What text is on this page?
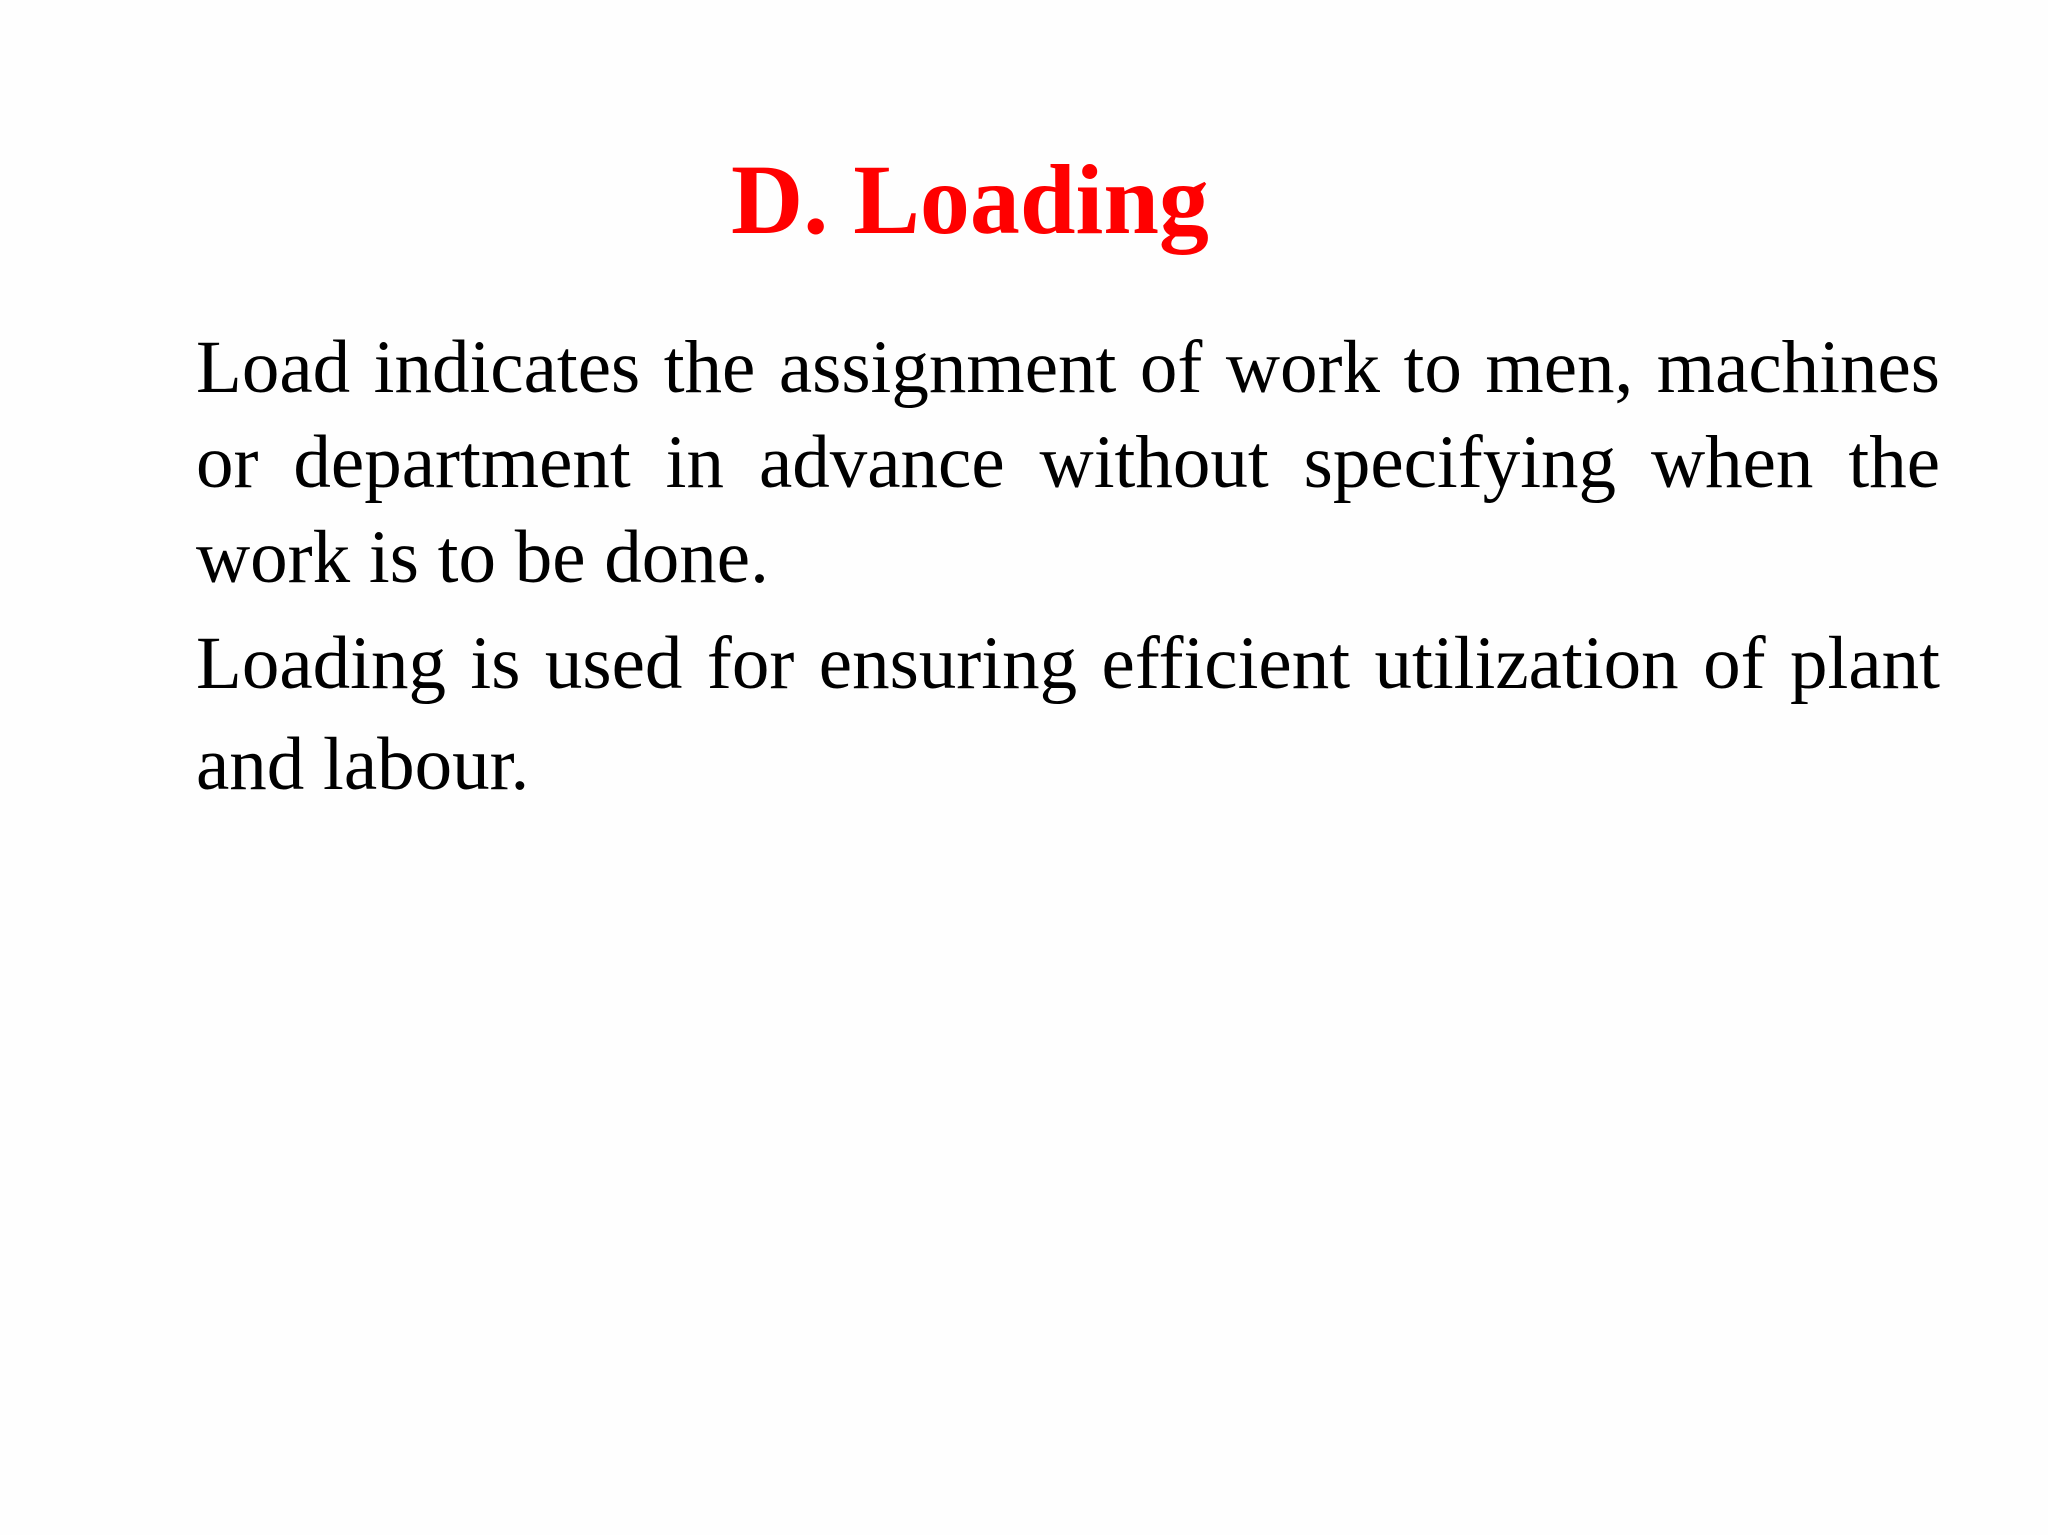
D. Loading

Load indicates the assignment of work to men, machines or department in advance without specifying when the work is to be done.

Loading is used for ensuring efficient utilization of plant and labour.
